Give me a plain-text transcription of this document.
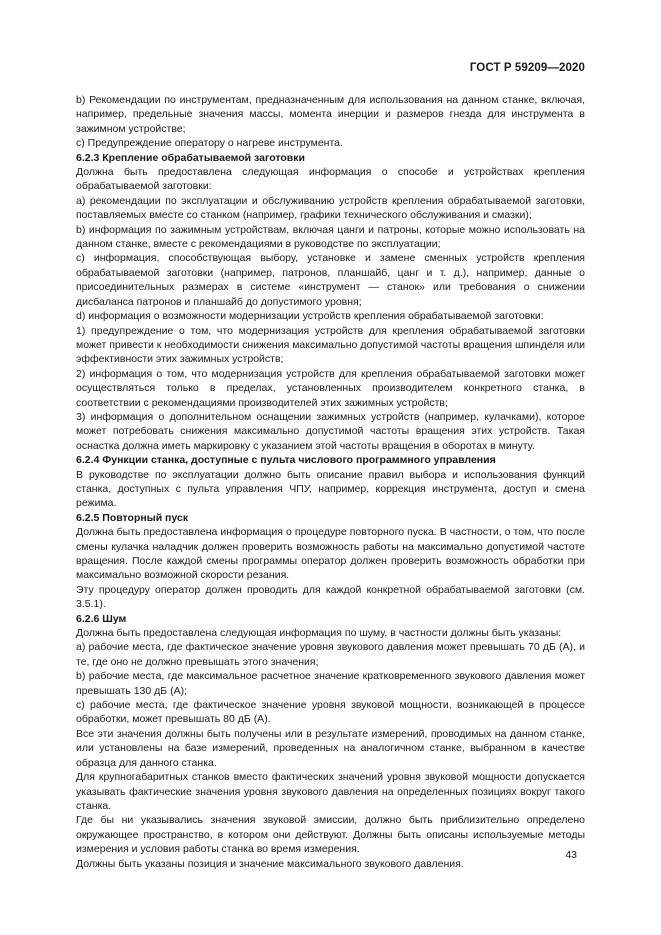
ГОСТ Р 59209—2020

b) Рекомендации по инструментам, предназначенным для использования на данном станке, включая, например, предельные значения массы, момента инерции и размеров гнезда для инструмента в зажимном устройстве;

c) Предупреждение оператору о нагреве инструмента.

6.2.3 Крепление обрабатываемой заготовки

Должна быть предоставлена следующая информация о способе и устройствах крепления обрабатываемой заготовки:

a) рекомендации по эксплуатации и обслуживанию устройств крепления обрабатываемой заготовки, поставляемых вместе со станком (например, графики технического обслуживания и смазки);

b) информация по зажимным устройствам, включая цанги и патроны, которые можно использовать на данном станке, вместе с рекомендациями в руководстве по эксплуатации;

c) информация, способствующая выбору, установке и замене сменных устройств крепления обрабатываемой заготовки (например, патронов, планшайб, цанг и т. д.), например, данные о присоединительных размерах в системе «инструмент — станок» или требования о снижении дисбаланса патронов и планшайб до допустимого уровня;

d) информация о возможности модернизации устройств крепления обрабатываемой заготовки:

1) предупреждение о том, что модернизация устройств для крепления обрабатываемой заготовки может привести к необходимости снижения максимально допустимой частоты вращения шпинделя или эффективности этих зажимных устройств;

2) информация о том, что модернизация устройств для крепления обрабатываемой заготовки может осуществляться только в пределах, установленных производителем конкретного станка, в соответствии с рекомендациями производителей этих зажимных устройств;

3) информация о дополнительном оснащении зажимных устройств (например, кулачками), которое может потребовать снижения максимально допустимой частоты вращения этих устройств. Такая оснастка должна иметь маркировку с указанием этой частоты вращения в оборотах в минуту.

6.2.4 Функции станка, доступные с пульта числового программного управления

В руководстве по эксплуатации должно быть описание правил выбора и использования функций станка, доступных с пульта управления ЧПУ, например, коррекция инструмента, доступ и смена режима.

6.2.5 Повторный пуск

Должна быть предоставлена информация о процедуре повторного пуска. В частности, о том, что после смены кулачка наладчик должен проверить возможность работы на максимально допустимой частоте вращения. После каждой смены программы оператор должен проверить возможность обработки при максимально возможной скорости резания.

Эту процедуру оператор должен проводить для каждой конкретной обрабатываемой заготовки (см. 3.5.1).

6.2.6 Шум

Должна быть предоставлена следующая информация по шуму, в частности должны быть указаны:

a) рабочие места, где фактическое значение уровня звукового давления может превышать 70 дБ (A), и те, где оно не должно превышать этого значения;

b) рабочие места, где максимальное расчетное значение кратковременного звукового давления может превышать 130 дБ (A);

c) рабочие места, где фактическое значение уровня звуковой мощности, возникающей в процессе обработки, может превышать 80 дБ (A).

Все эти значения должны быть получены или в результате измерений, проводимых на данном станке, или установлены на базе измерений, проведенных на аналогичном станке, выбранном в качестве образца для данного станка.

Для крупногабаритных станков вместо фактических значений уровня звуковой мощности допускается указывать фактические значения уровня звукового давления на определенных позициях вокруг такого станка.

Где бы ни указывались значения звуковой эмиссии, должно быть приблизительно определено окружающее пространство, в котором они действуют. Должны быть описаны используемые методы измерения и условия работы станка во время измерения.

Должны быть указаны позиция и значение максимального звукового давления.

43
